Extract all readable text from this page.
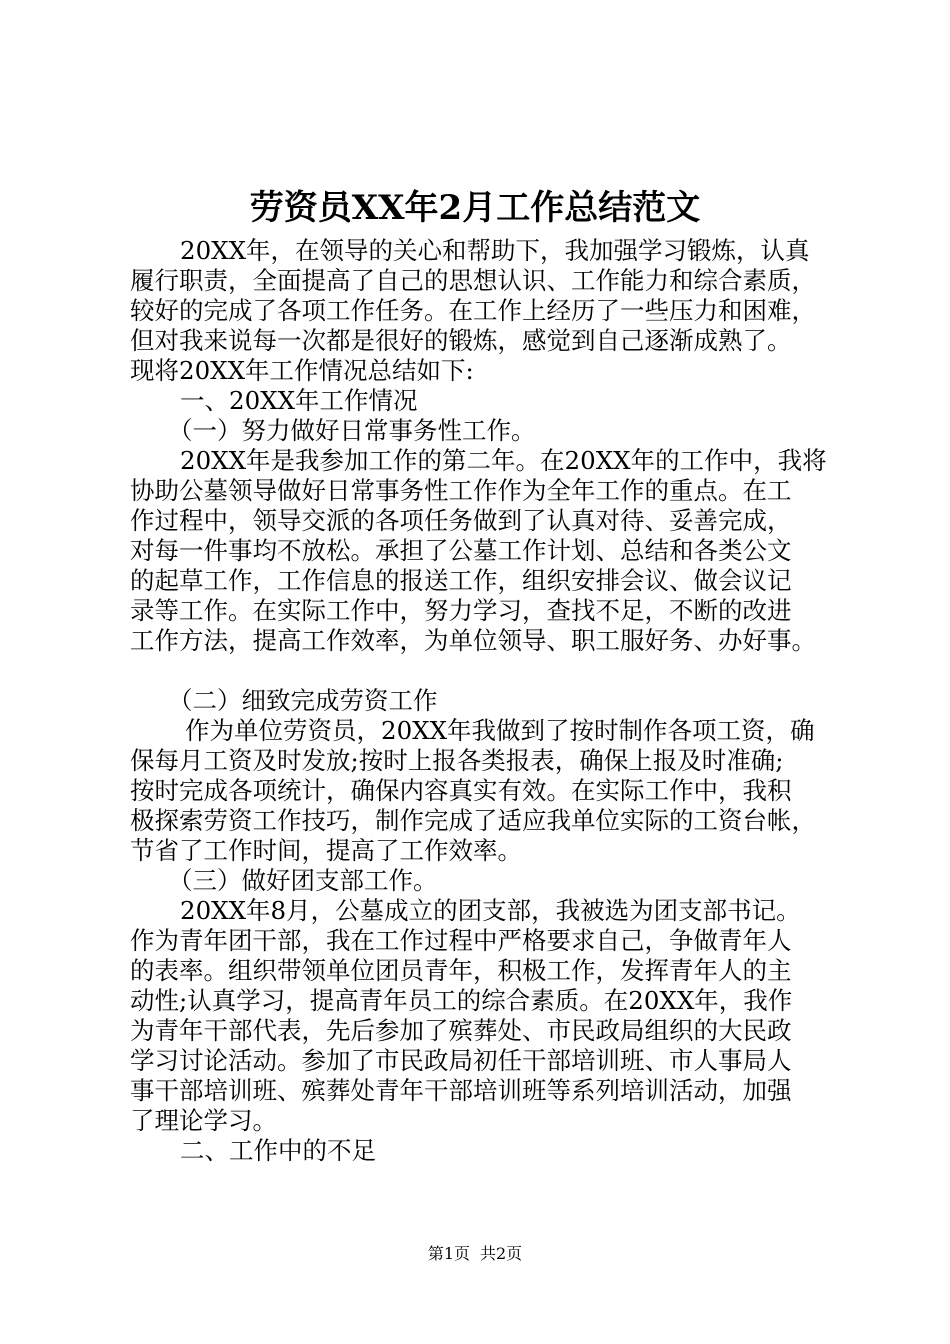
劳资员XX年2月工作总结范文
20XX年，在领导的关心和帮助下，我加强学习锻炼，认真
履行职责，全面提高了自己的思想认识、工作能力和综合素质，
较好的完成了各项工作任务。在工作上经历了一些压力和困难，
但对我来说每一次都是很好的锻炼，感觉到自己逐渐成熟了。
现将20XX年工作情况总结如下:
一、20XX年工作情况
（一）努力做好日常事务性工作。
20XX年是我参加工作的第二年。在20XX年的工作中，我将
协助公墓领导做好日常事务性工作作为全年工作的重点。在工
作过程中，领导交派的各项任务做到了认真对待、妥善完成，
对每一件事均不放松。承担了公墓工作计划、总结和各类公文
的起草工作，工作信息的报送工作，组织安排会议、做会议记
录等工作。在实际工作中，努力学习，查找不足，不断的改进
工作方法，提高工作效率，为单位领导、职工服好务、办好事。
（二）细致完成劳资工作
作为单位劳资员，20XX年我做到了按时制作各项工资，确
保每月工资及时发放;按时上报各类报表，确保上报及时准确;
按时完成各项统计，确保内容真实有效。在实际工作中，我积
极探索劳资工作技巧，制作完成了适应我单位实际的工资台帐，
节省了工作时间，提高了工作效率。
（三）做好团支部工作。
20XX年8月，公墓成立的团支部，我被选为团支部书记。
作为青年团干部，我在工作过程中严格要求自己，争做青年人
的表率。组织带领单位团员青年，积极工作，发挥青年人的主
动性;认真学习，提高青年员工的综合素质。在20XX年，我作
为青年干部代表，先后参加了殡葬处、市民政局组织的大民政
学习讨论活动。参加了市民政局初任干部培训班、市人事局人
事干部培训班、殡葬处青年干部培训班等系列培训活动，加强
了理论学习。
二、工作中的不足
第1页 共2页
